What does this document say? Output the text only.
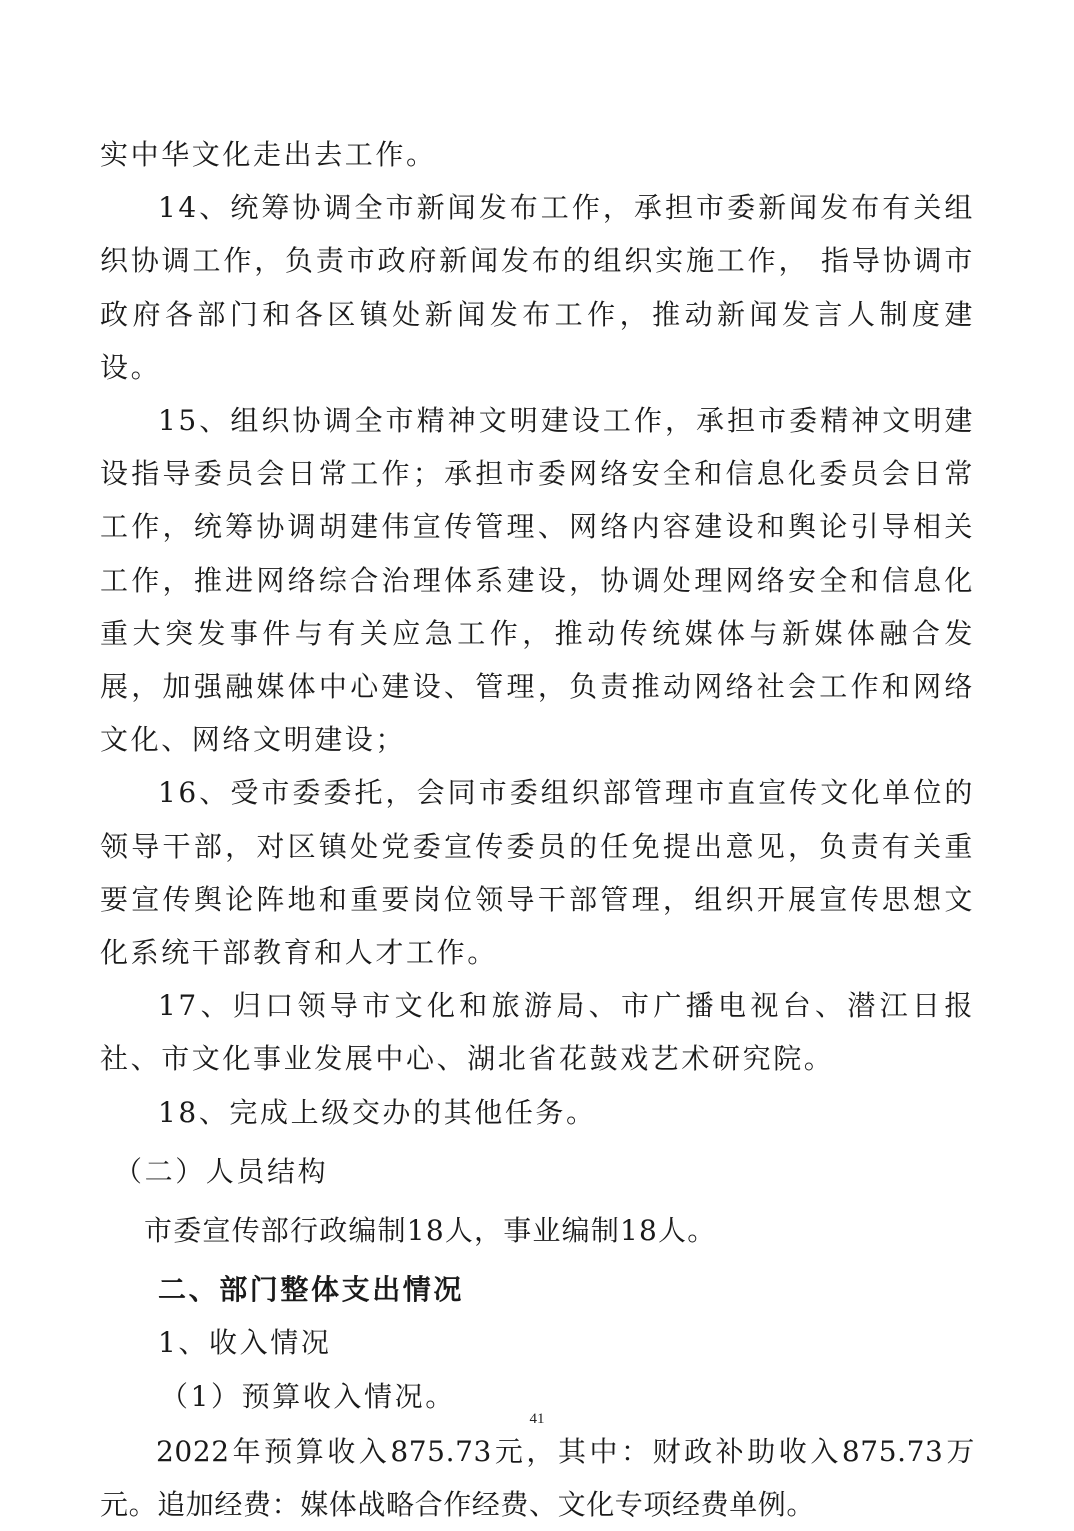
实中华文化走出去工作。

14、统筹协调全市新闻发布工作，承担市委新闻发布有关组织协调工作，负责市政府新闻发布的组织实施工作， 指导协调市政府各部门和各区镇处新闻发布工作，推动新闻发言人制度建设。

15、组织协调全市精神文明建设工作，承担市委精神文明建设指导委员会日常工作；承担市委网络安全和信息化委员会日常工作，统筹协调胡建伟宣传管理、网络内容建设和舆论引导相关工作，推进网络综合治理体系建设，协调处理网络安全和信息化重大突发事件与有关应急工作，推动传统媒体与新媒体融合发展，加强融媒体中心建设、管理，负责推动网络社会工作和网络文化、网络文明建设；

16、受市委委托，会同市委组织部管理市直宣传文化单位的领导干部，对区镇处党委宣传委员的任免提出意见，负责有关重要宣传舆论阵地和重要岗位领导干部管理，组织开展宣传思想文化系统干部教育和人才工作。

17、归口领导市文化和旅游局、市广播电视台、潜江日报社、市文化事业发展中心、湖北省花鼓戏艺术研究院。

18、完成上级交办的其他任务。

（二）人员结构

市委宣传部行政编制18人，事业编制18人。

二、部门整体支出情况

1、收入情况

（1）预算收入情况。

2022年预算收入875.73元，其中：财政补助收入875.73万元。追加经费：媒体战略合作经费、文化专项经费单例。

41
